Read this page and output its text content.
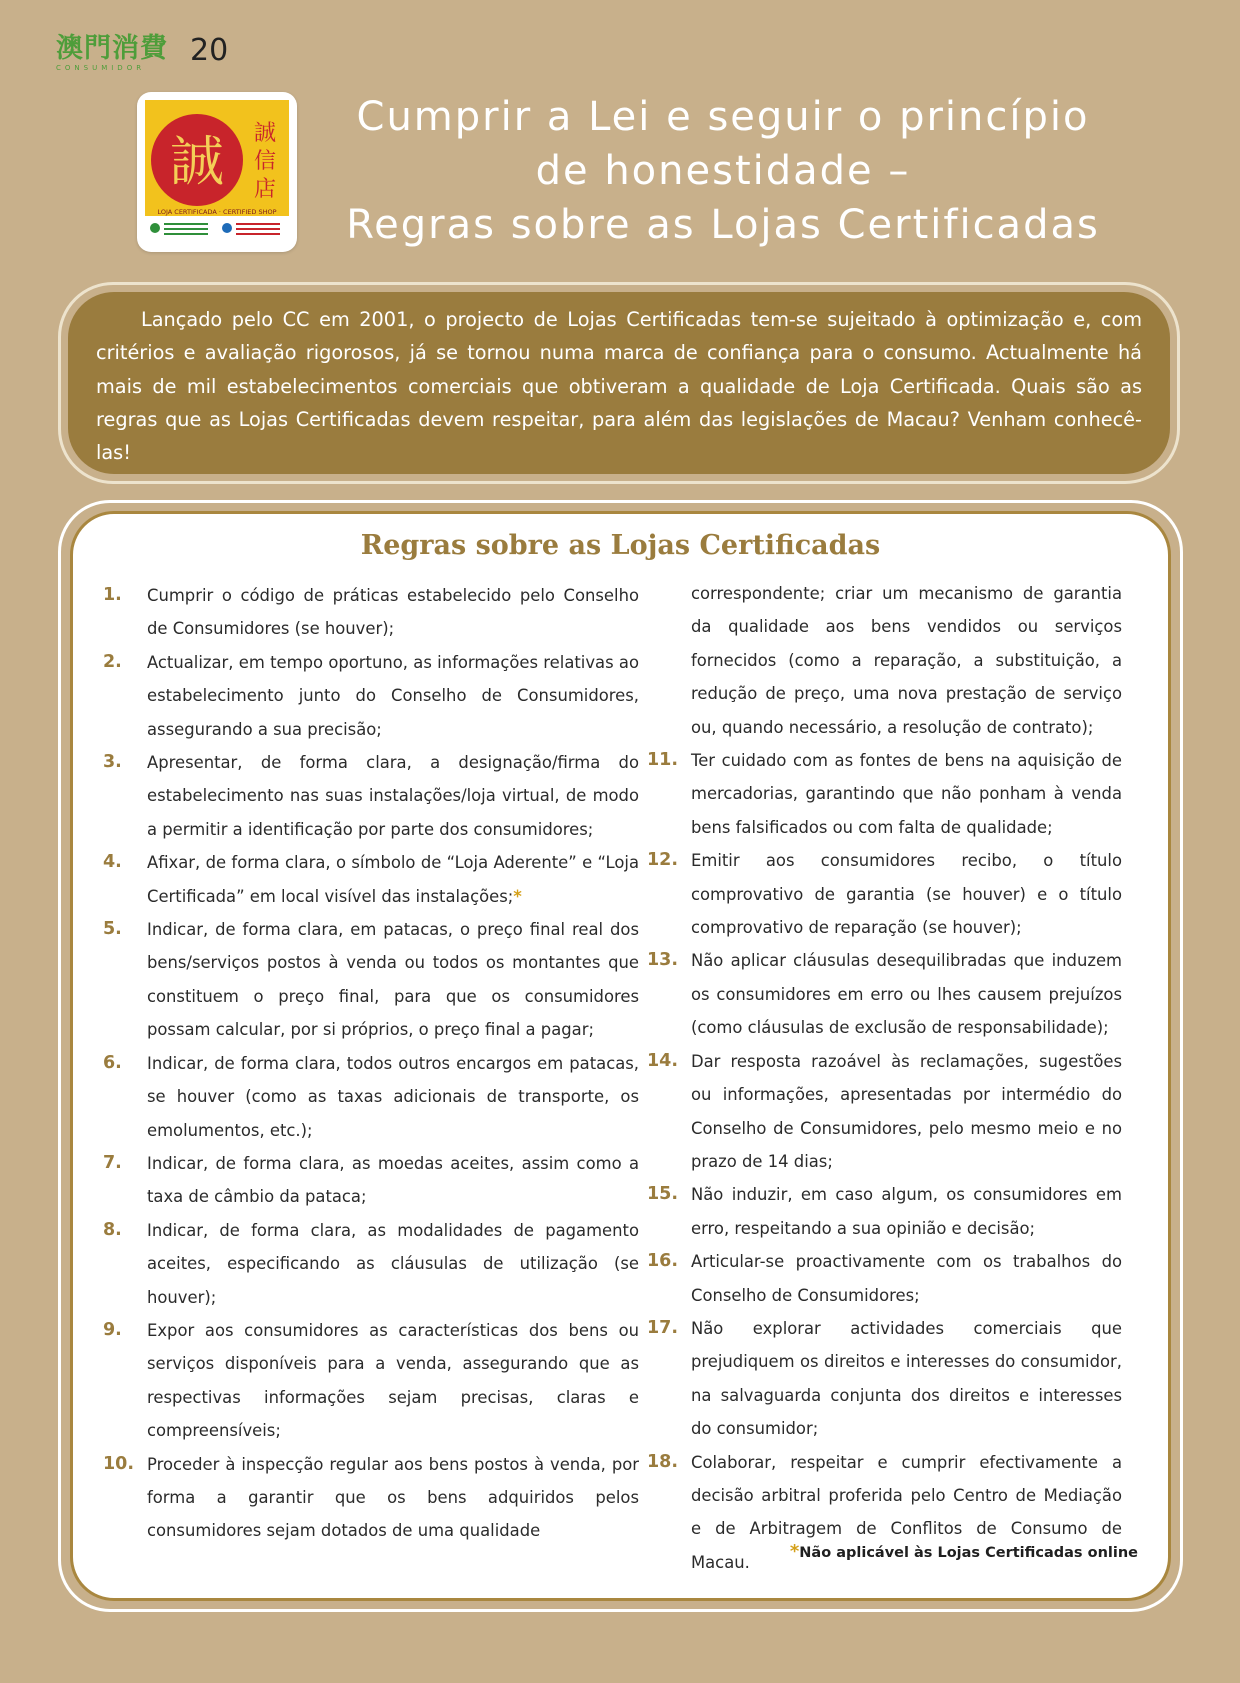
澳門消費
CONSUMIDOR	20
誠 誠
信
店
LOJA CERTIFICADA · CERTIFIED SHOP
Cumprir a Lei e seguir o princípio
de honestidade –
Regras sobre as Lojas Certificadas

Lançado pelo CC em 2001, o projecto de Lojas Certificadas tem-se sujeitado à optimização e, com critérios e avaliação rigorosos, já se tornou numa marca de confiança para o consumo. Actualmente há mais de mil estabelecimentos comerciais que obtiveram a qualidade de Loja Certificada. Quais são as regras que as Lojas Certificadas devem respeitar, para além das legislações de Macau? Venham conhecê-las!

Regras sobre as Lojas Certificadas
1.	Cumprir o código de práticas estabelecido pelo Conselho de Consumidores (se houver);
2.	Actualizar, em tempo oportuno, as informações relativas ao estabelecimento junto do Conselho de Consumidores, assegurando a sua precisão;
3.	Apresentar, de forma clara, a designação/firma do estabelecimento nas suas instalações/loja virtual, de modo a permitir a identificação por parte dos consumidores;
4.	Afixar, de forma clara, o símbolo de “Loja Aderente” e “Loja Certificada” em local visível das instalações;*
5.	Indicar, de forma clara, em patacas, o preço final real dos bens/serviços postos à venda ou todos os montantes que constituem o preço final, para que os consumidores possam calcular, por si próprios, o preço final a pagar;
6.	Indicar, de forma clara, todos outros encargos em patacas, se houver (como as taxas adicionais de transporte, os emolumentos, etc.);
7.	Indicar, de forma clara, as moedas aceites, assim como a taxa de câmbio da pataca;
8.	Indicar, de forma clara, as modalidades de pagamento aceites, especificando as cláusulas de utilização (se houver);
9.	Expor aos consumidores as características dos bens ou serviços disponíveis para a venda, assegurando que as respectivas informações sejam precisas, claras e compreensíveis;
10. Proceder à inspecção regular aos bens postos à venda, por forma a garantir que os bens adquiridos pelos consumidores sejam dotados de uma qualidade
correspondente; criar um mecanismo de garantia da qualidade aos bens vendidos ou serviços fornecidos (como a reparação, a substituição, a redução de preço, uma nova prestação de serviço ou, quando necessário, a resolução de contrato);
11. Ter cuidado com as fontes de bens na aquisição de mercadorias, garantindo que não ponham à venda bens falsificados ou com falta de qualidade;
12. Emitir aos consumidores recibo, o título comprovativo de garantia (se houver) e o título comprovativo de reparação (se houver);
13. Não aplicar cláusulas desequilibradas que induzem os consumidores em erro ou lhes causem prejuízos (como cláusulas de exclusão de responsabilidade);
14. Dar resposta razoável às reclamações, sugestões ou informações, apresentadas por intermédio do Conselho de Consumidores, pelo mesmo meio e no prazo de 14 dias;
15. Não induzir, em caso algum, os consumidores em erro, respeitando a sua opinião e decisão;
16. Articular-se proactivamente com os trabalhos do Conselho de Consumidores;
17. Não explorar actividades comerciais que prejudiquem os direitos e interesses do consumidor, na salvaguarda conjunta dos direitos e interesses do consumidor;
18. Colaborar, respeitar e cumprir efectivamente a decisão arbitral proferida pelo Centro de Mediação e de Arbitragem de Conflitos de Consumo de Macau.
*Não aplicável às Lojas Certificadas online
